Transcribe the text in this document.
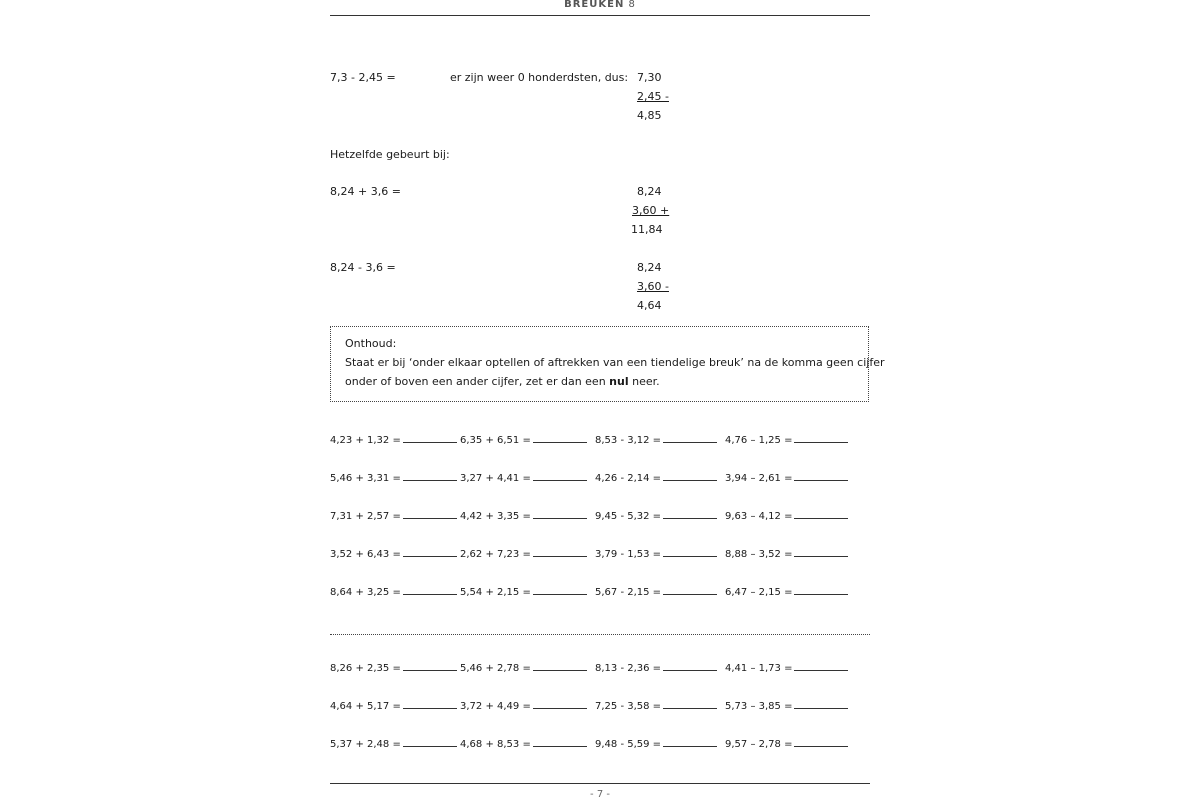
BREUKEN 8
7,3 - 2,45 =	er zijn weer 0 honderdsten, dus: 7,30
2,45 -
4,85
Hetzelfde gebeurt bij:
8,24 + 3,6 =	8,24
3,60 +
11,84
8,24 - 3,6 =	8,24
3,60 -
4,64
Onthoud:
Staat er bij ‘onder elkaar optellen of aftrekken van een tiendelige breuk’ na de komma geen cijfer
onder of boven een ander cijfer, zet er dan een nul neer.
4,23 + 1,32 =	6,35 + 6,51 =	8,53 - 3,12 =	4,76 – 1,25 =
5,46 + 3,31 =	3,27 + 4,41 =	4,26 - 2,14 =	3,94 – 2,61 =
7,31 + 2,57 =	4,42 + 3,35 =	9,45 - 5,32 =	9,63 – 4,12 =
3,52 + 6,43 =	2,62 + 7,23 =	3,79 - 1,53 =	8,88 – 3,52 =
8,64 + 3,25 =	5,54 + 2,15 =	5,67 - 2,15 =	6,47 – 2,15 =
8,26 + 2,35 =	5,46 + 2,78 =	8,13 - 2,36 =	4,41 – 1,73 =
4,64 + 5,17 =	3,72 + 4,49 =	7,25 - 3,58 =	5,73 – 3,85 =
5,37 + 2,48 =	4,68 + 8,53 =	9,48 - 5,59 =	9,57 – 2,78 =
- 7 -
